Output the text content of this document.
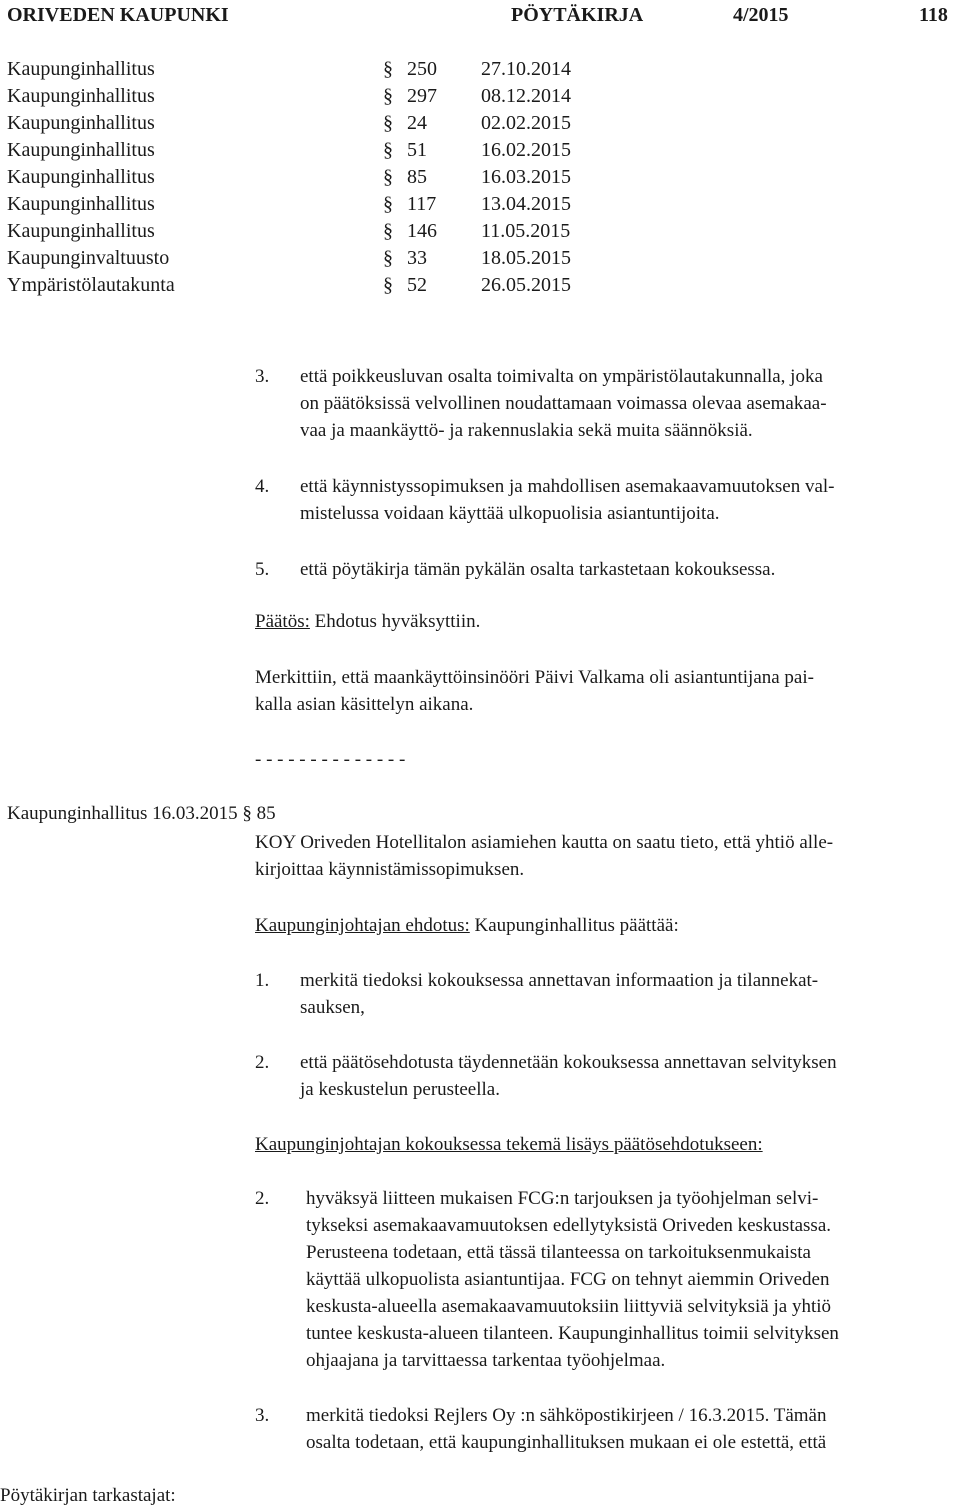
ORIVEDEN KAUPUNKI	PÖYTÄKIRJA	4/2015	118
Kaupunginhallitus	§ 250 27.10.2014
Kaupunginhallitus	§ 297 08.12.2014
Kaupunginhallitus	§ 24	02.02.2015
Kaupunginhallitus	§ 51	16.02.2015
Kaupunginhallitus	§ 85	16.03.2015
Kaupunginhallitus	§ 117 13.04.2015
Kaupunginhallitus	§ 146 11.05.2015
Kaupunginvaltuusto	§ 33	18.05.2015
Ympäristölautakunta	§ 52	26.05.2015
3. että poikkeusluvan osalta toimivalta on ympäristölautakunnalla, joka
on päätöksissä velvollinen noudattamaan voimassa olevaa asemakaa-
vaa ja maankäyttö- ja rakennuslakia sekä muita säännöksiä.
4. että käynnistyssopimuksen ja mahdollisen asemakaavamuutoksen val-
mistelussa voidaan käyttää ulkopuolisia asiantuntijoita.
5. että pöytäkirja tämän pykälän osalta tarkastetaan kokouksessa.
Päätös: Ehdotus hyväksyttiin.
Merkittiin, että maankäyttöinsinööri Päivi Valkama oli asiantuntijana pai-
kalla asian käsittelyn aikana.
- - - - - - - - - - - - - -
Kaupunginhallitus 16.03.2015 § 85
KOY Oriveden Hotellitalon asiamiehen kautta on saatu tieto, että yhtiö alle-
kirjoittaa käynnistämissopimuksen.
Kaupunginjohtajan ehdotus: Kaupunginhallitus päättää:
1. merkitä tiedoksi kokouksessa annettavan informaation ja tilannekat-
sauksen,
2. että päätösehdotusta täydennetään kokouksessa annettavan selvityksen
ja keskustelun perusteella.
Kaupunginjohtajan kokouksessa tekemä lisäys päätösehdotukseen:
2. hyväksyä liitteen mukaisen FCG:n tarjouksen ja työohjelman selvi-
tykseksi asemakaavamuutoksen edellytyksistä Oriveden keskustassa.
Perusteena todetaan, että tässä tilanteessa on tarkoituksenmukaista
käyttää ulkopuolista asiantuntijaa. FCG on tehnyt aiemmin Oriveden
keskusta-alueella asemakaavamuutoksiin liittyviä selvityksiä ja yhtiö
tuntee keskusta-alueen tilanteen. Kaupunginhallitus toimii selvityksen
ohjaajana ja tarvittaessa tarkentaa työohjelmaa.
3. merkitä tiedoksi Rejlers Oy :n sähköpostikirjeen / 16.3.2015. Tämän
osalta todetaan, että kaupunginhallituksen mukaan ei ole estettä, että
Pöytäkirjan tarkastajat:
